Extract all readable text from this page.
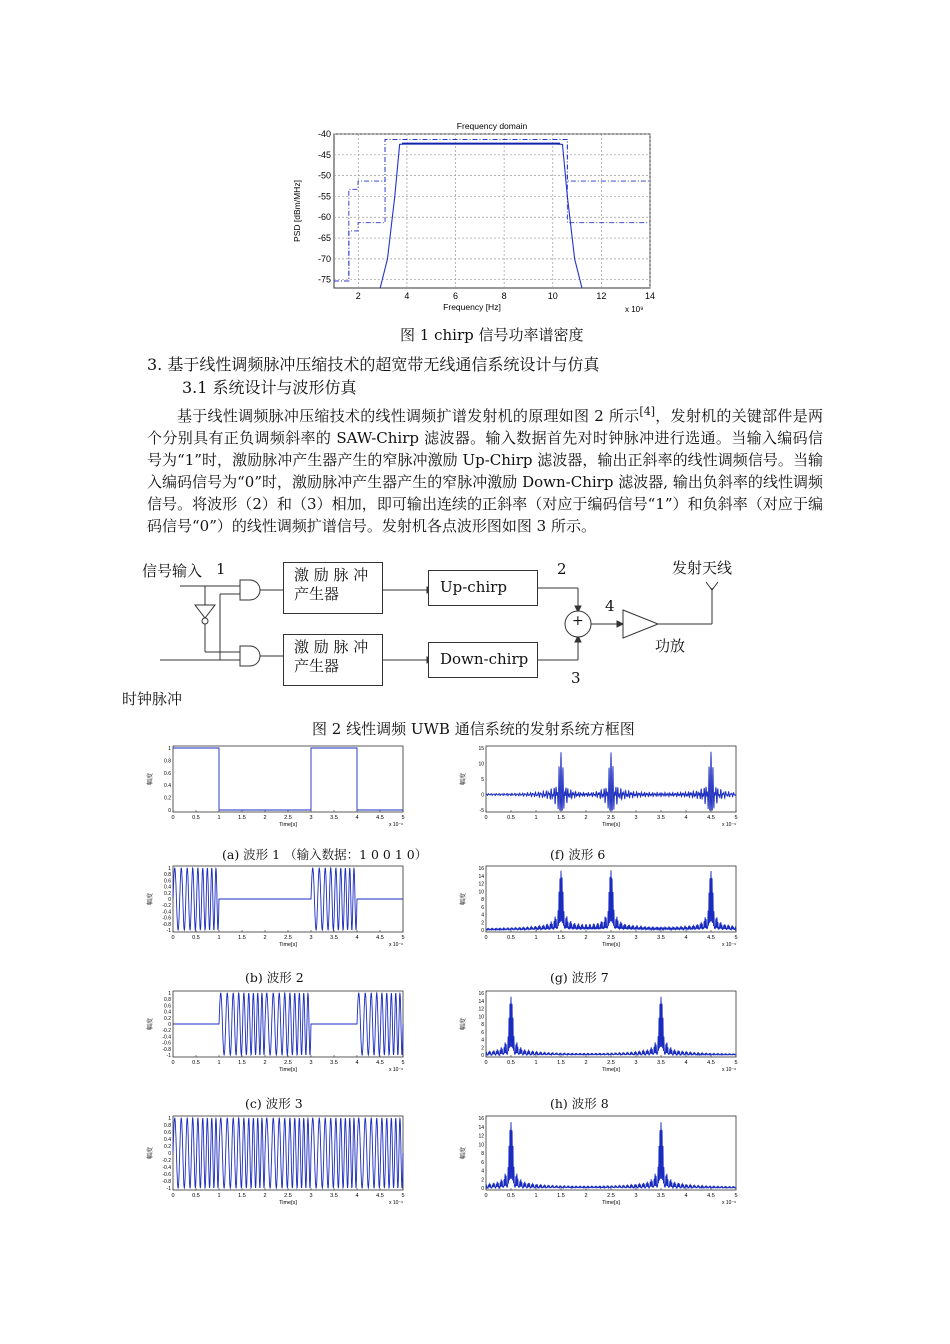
2	4	6	8	10	12	14
-40
-45
-50
-55
-60
-65
-70
-75
Frequency domain
Frequency [Hz]	x 10⁹
PSD [dBm/MHz]
图 1 chirp 信号功率谱密度
3. 基于线性调频脉冲压缩技术的超宽带无线通信系统设计与仿真
3.1 系统设计与波形仿真

基于线性调频脉冲压缩技术的线性调频扩谱发射机的原理如图 2 所示[4]，发射机的关键部件是两个分别具有正负调频斜率的 SAW-Chirp 滤波器。输入数据首先对时钟脉冲进行选通。当输入编码信号为“1”时，激励脉冲产生器产生的窄脉冲激励 Up-Chirp 滤波器，输出正斜率的线性调频信号。当输入编码信号为“0”时，激励脉冲产生器产生的窄脉冲激励 Down-Chirp 滤波器, 输出负斜率的线性调频信号。将波形（2）和（3）相加，即可输出连续的正斜率（对应于编码信号“1”）和负斜率（对应于编码信号“0”）的线性调频扩谱信号。发射机各点波形图如图 3 所示。

信号输入 1	激 励 脉 冲
产生器
激 励 脉 冲
产生器
Up-chirp
Down-chirp
+
2
3
4
发射天线
功放
时钟脉冲
图 2 线性调频 UWB 通信系统的发射系统方框图
0	0.5	1	1.5	2	2.5	3	3.5	4	4.5	5
Time[s]	x 10⁻⁶
幅度
0
0.2
0.4
0.6
0.8
1
0	0.5	1	1.5	2	2.5	3	3.5	4	4.5	5
Time[s]	x 10⁻⁶
幅度
-5
0
5
10
15
(a) 波形 1 （输入数据：1 0 0 1 0）	(f) 波形 6
0	0.5	1	1.5	2	2.5	3	3.5	4	4.5	5
Time[s]	x 10⁻⁶
幅度
-1
-0.8
-0.6
-0.4
-0.2
0
0.2
0.4
0.6
0.8
1
0	0.5	1	1.5	2	2.5	3	3.5	4	4.5	5
Time[s]	x 10⁻⁶
幅度
0
2
4
6
8
10
12
14
16
(b) 波形 2	(g) 波形 7
0	0.5	1	1.5	2	2.5	3	3.5	4	4.5	5
Time[s]	x 10⁻⁶
幅度
-1
-0.8
-0.6
-0.4
-0.2
0
0.2
0.4
0.6
0.8
1
0	0.5	1	1.5	2	2.5	3	3.5	4	4.5	5
Time[s]	x 10⁻⁶
幅度
0
2
4
6
8
10
12
14
16
(c) 波形 3	(h) 波形 8
0	0.5	1	1.5	2	2.5	3	3.5	4	4.5	5
Time[s]	x 10⁻⁶
幅度
-1
-0.8
-0.6
-0.4
-0.2
0
0.2
0.4
0.6
0.8
1
0	0.5	1	1.5	2	2.5	3	3.5	4	4.5	5
Time[s]	x 10⁻⁶
幅度
0
2
4
6
8
10
12
14
16
